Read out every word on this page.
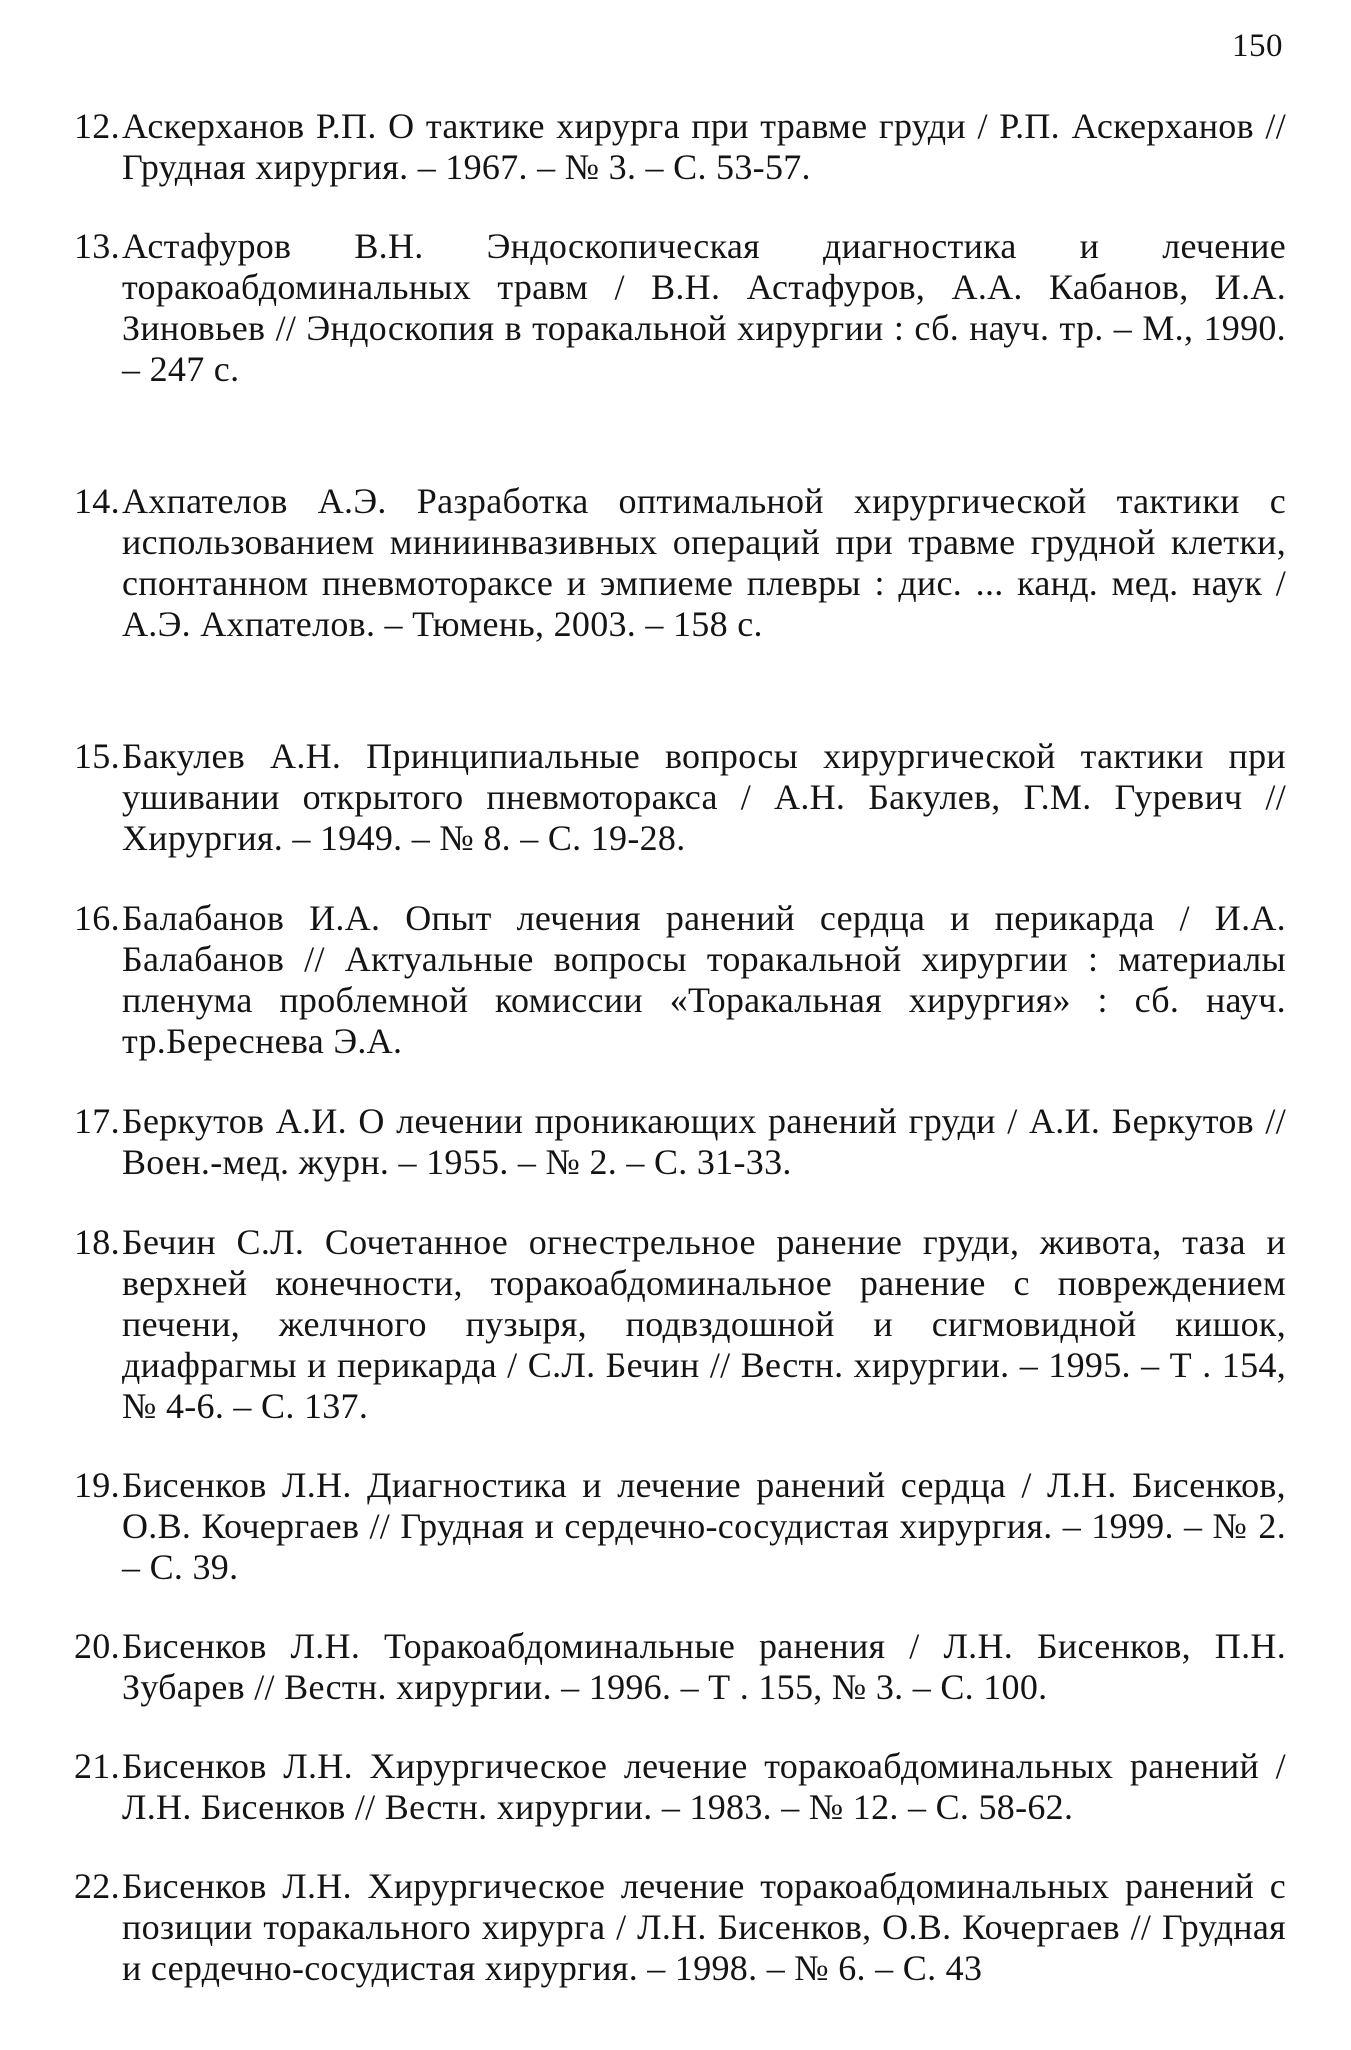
150
12. Аскерханов Р.П. О тактике хирурга при травме груди / Р.П. Аскерханов // Грудная хирургия. – 1967. – № 3. – С. 53-57.
13. Астафуров В.Н. Эндоскопическая диагностика и лечение торакоабдоминальных травм / В.Н. Астафуров, А.А. Кабанов, И.А. Зиновьев // Эндоскопия в торакальной хирургии : сб. науч. тр. – М., 1990. – 247 с.
14. Ахпателов А.Э. Разработка оптимальной хирургической тактики с использованием миниинвазивных операций при травме грудной клетки, спонтанном пневмотораксе и эмпиеме плевры : дис. ... канд. мед. наук / А.Э. Ахпателов. – Тюмень, 2003. – 158 с.
15. Бакулев А.Н. Принципиальные вопросы хирургической тактики при ушивании открытого пневмоторакса / А.Н. Бакулев, Г.М. Гуревич // Хирургия. – 1949. – № 8. – С. 19-28.
16. Балабанов И.А. Опыт лечения ранений сердца и перикарда / И.А. Балабанов // Актуальные вопросы торакальной хирургии : материалы пленума проблемной комиссии «Торакальная хирургия» : сб. науч. тр.Береснева Э.А.
17. Беркутов А.И. О лечении проникающих ранений груди / А.И. Беркутов // Воен.-мед. журн. – 1955. – № 2. – С. 31-33.
18. Бечин С.Л. Сочетанное огнестрельное ранение груди, живота, таза и верхней конечности, торакоабдоминальное ранение с повреждением печени, желчного пузыря, подвздошной и сигмовидной кишок, диафрагмы и перикарда / С.Л. Бечин // Вестн. хирургии. – 1995. – Т . 154, № 4-6. – С. 137.
19. Бисенков Л.Н. Диагностика и лечение ранений сердца / Л.Н. Бисенков, О.В. Кочергаев // Грудная и сердечно-сосудистая хирургия. – 1999. – № 2. – С. 39.
20. Бисенков Л.Н. Торакоабдоминальные ранения / Л.Н. Бисенков, П.Н. Зубарев // Вестн. хирургии. – 1996. – Т . 155, № 3. – С. 100.
21. Бисенков Л.Н. Хирургическое лечение торакоабдоминальных ранений / Л.Н. Бисенков // Вестн. хирургии. – 1983. – № 12. – С. 58-62.
22. Бисенков Л.Н. Хирургическое лечение торакоабдоминальных ранений с позиции торакального хирурга / Л.Н. Бисенков, О.В. Кочергаев // Грудная и сердечно-сосудистая хирургия. – 1998. – № 6. – С. 43
